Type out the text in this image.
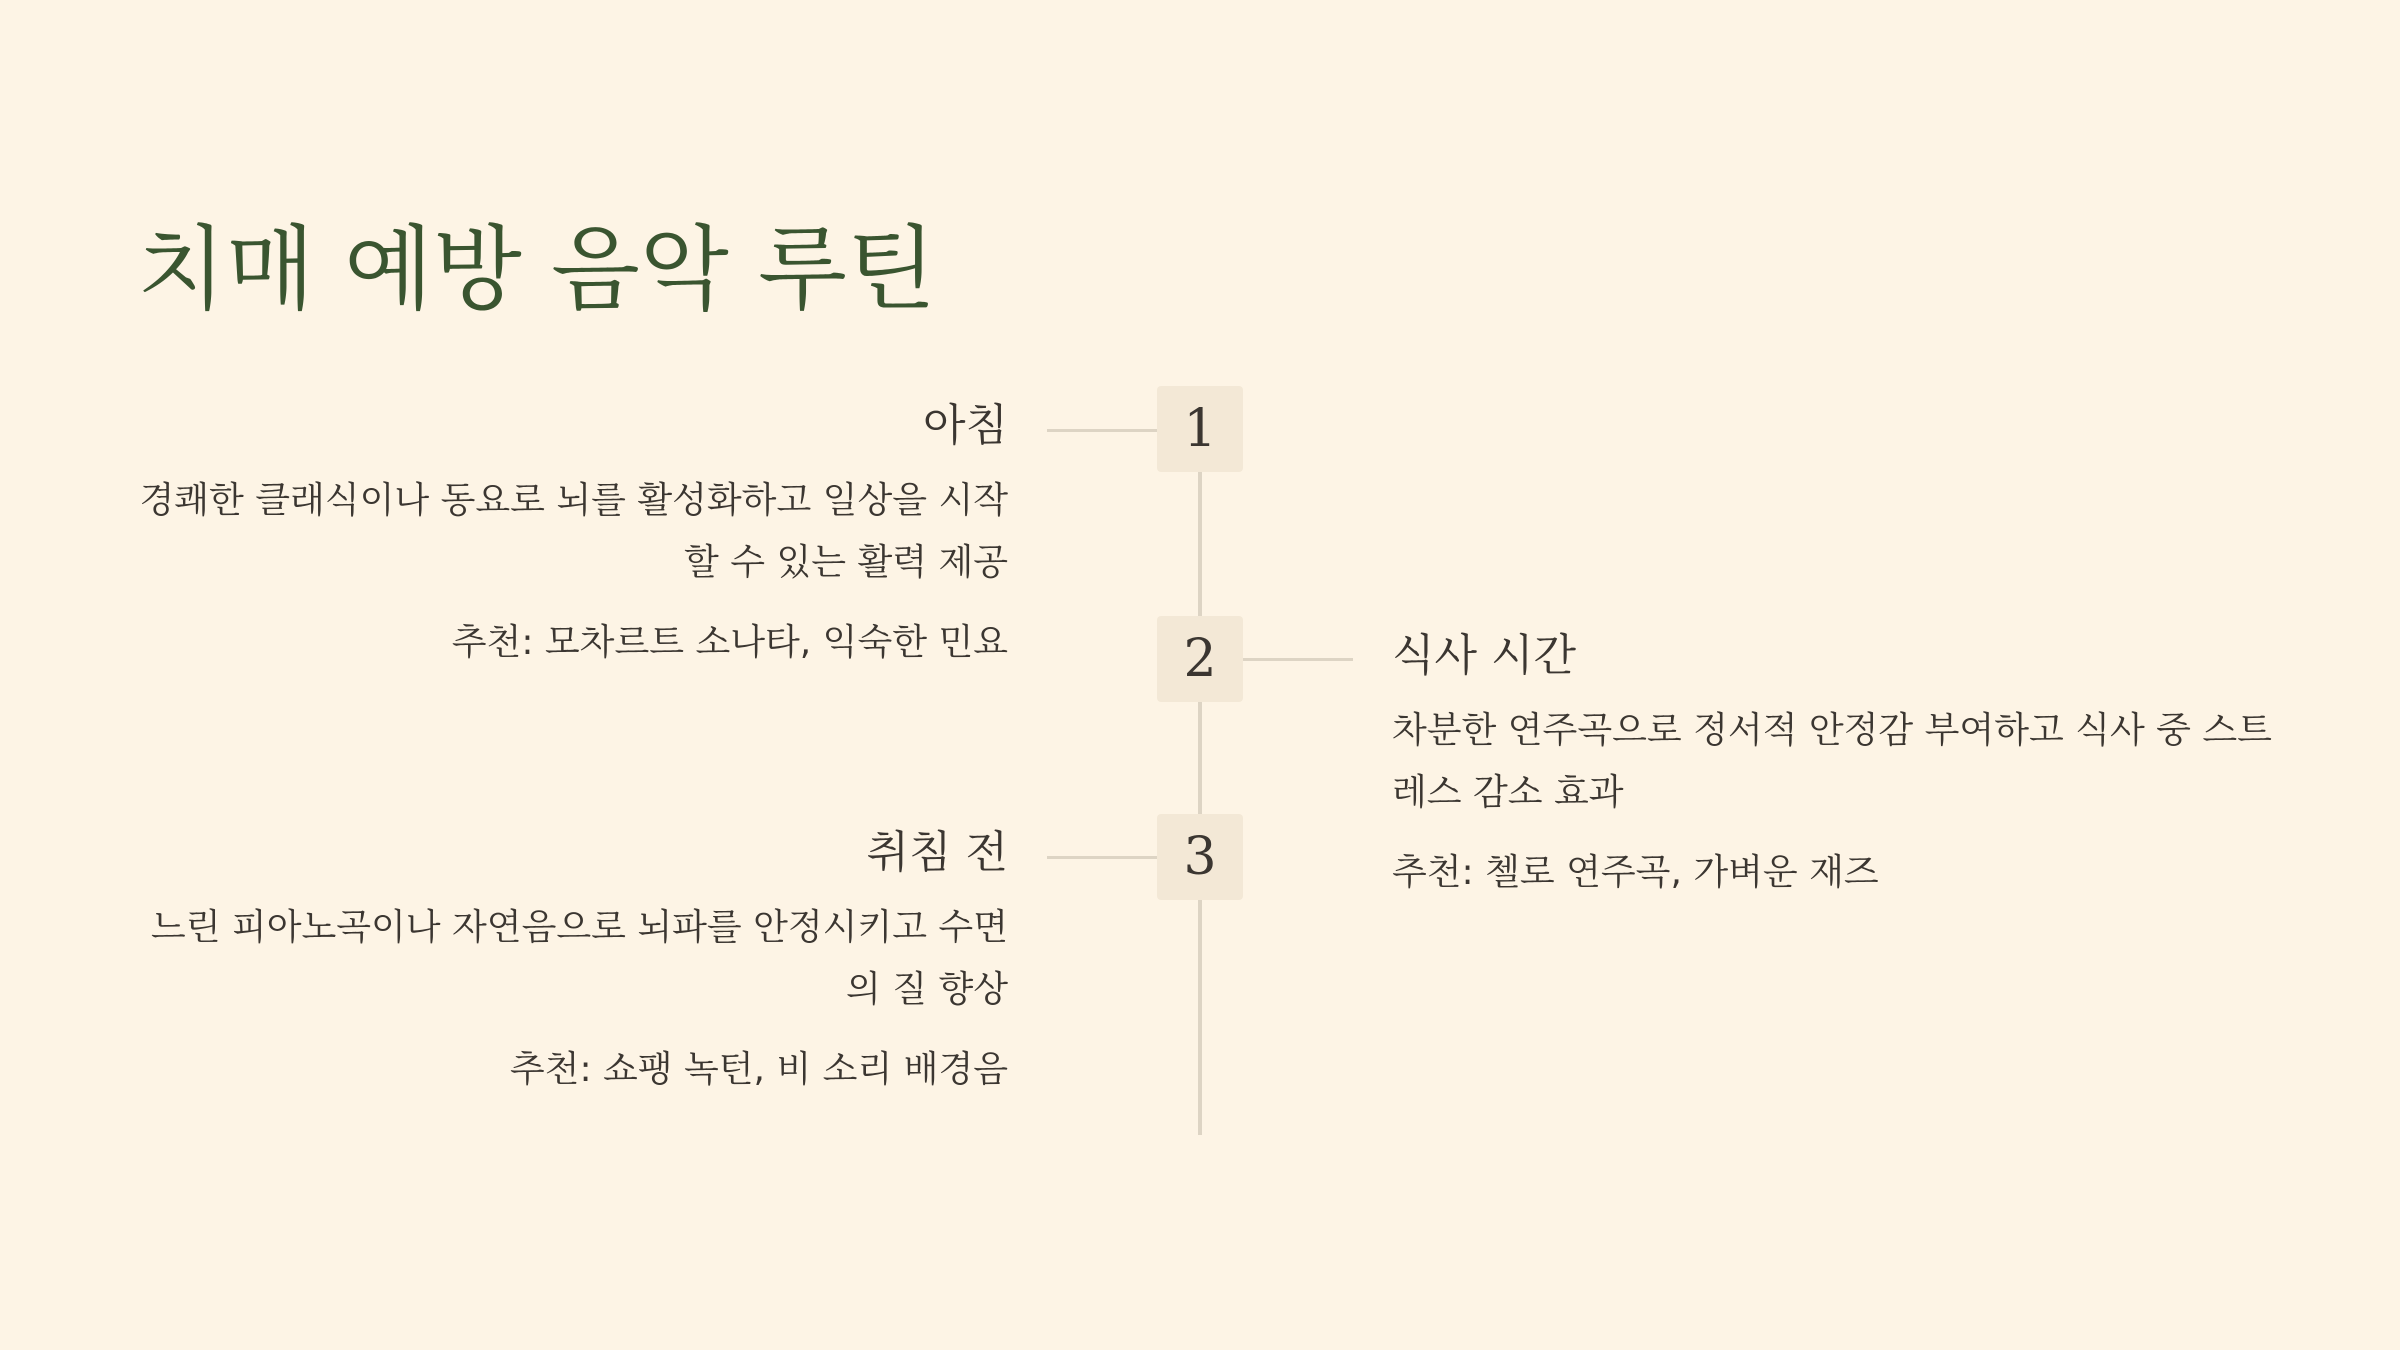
치매 예방 음악 루틴
1
아침

경쾌한 클래식이나 동요로 뇌를 활성화하고 일상을 시작할 수 있는 활력 제공

추천: 모차르트 소나타, 익숙한 민요	2	식사 시간

차분한 연주곡으로 정서적 안정감 부여하고 식사 중 스트레스 감소 효과

추천: 첼로 연주곡, 가벼운 재즈

3
취침 전

느린 피아노곡이나 자연음으로 뇌파를 안정시키고 수면의 질 향상

추천: 쇼팽 녹턴, 비 소리 배경음
